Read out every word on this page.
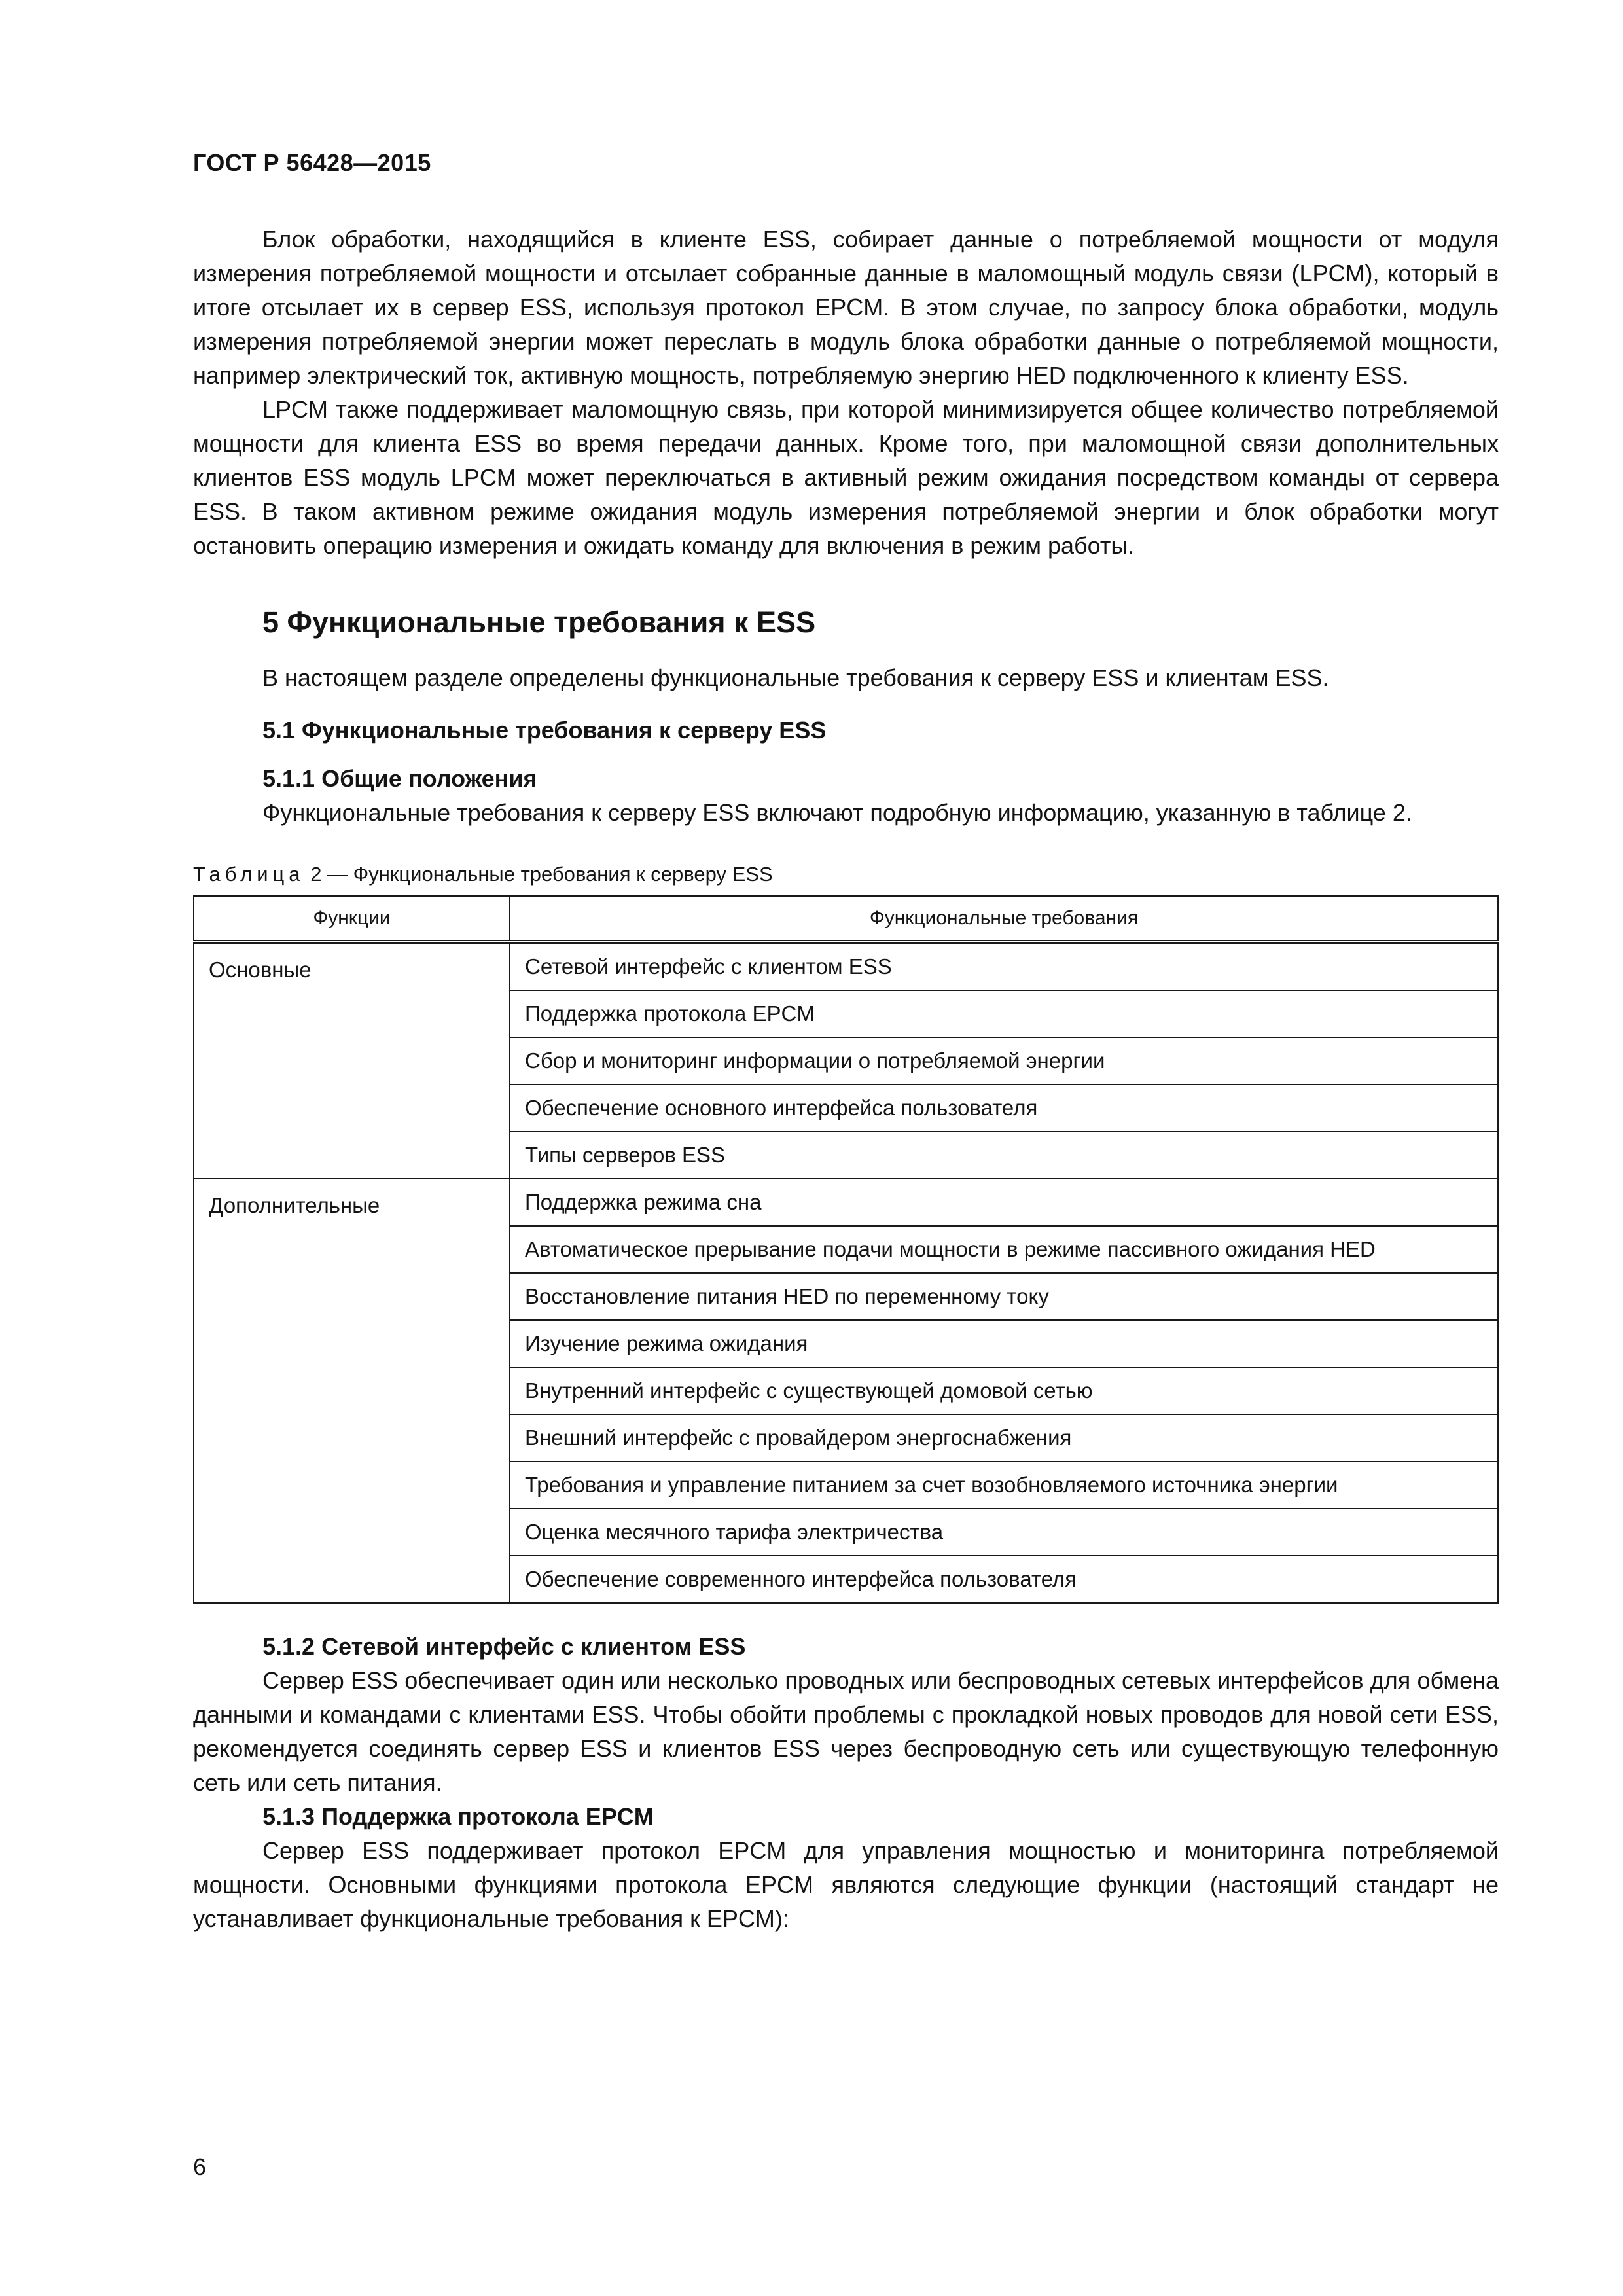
ГОСТ Р 56428—2015

Блок обработки, находящийся в клиенте ESS, собирает данные о потребляемой мощности от модуля измерения потребляемой мощности и отсылает собранные данные в маломощный модуль связи (LPCM), который в итоге отсылает их в сервер ESS, используя протокол EPCM. В этом случае, по запросу блока обработки, модуль измерения потребляемой энергии может переслать в модуль блока обработки данные о потребляемой мощности, например электрический ток, активную мощность, потребляемую энергию HED подключенного к клиенту ESS.

LPCM также поддерживает маломощную связь, при которой минимизируется общее количество потребляемой мощности для клиента ESS во время передачи данных. Кроме того, при маломощной связи дополнительных клиентов ESS модуль LPCM может переключаться в активный режим ожидания посредством команды от сервера ESS. В таком активном режиме ожидания модуль измерения потребляемой энергии и блок обработки могут остановить операцию измерения и ожидать команду для включения в режим работы.

5 Функциональные требования к ESS

В настоящем разделе определены функциональные требования к серверу ESS и клиентам ESS.

5.1 Функциональные требования к серверу ESS
5.1.1 Общие положения

Функциональные требования к серверу ESS включают подробную информацию, указанную в таблице 2.

Таблица 2 — Функциональные требования к серверу ESS
Функции	Функциональные требования
Основные	Сетевой интерфейс с клиентом ESS
	Поддержка протокола EPCM
	Сбор и мониторинг информации о потребляемой энергии
	Обеспечение основного интерфейса пользователя
	Типы серверов ESS
Дополнительные	Поддержка режима сна
	Автоматическое прерывание подачи мощности в режиме пассивного ожидания HED
	Восстановление питания HED по переменному току
	Изучение режима ожидания
	Внутренний интерфейс с существующей домовой сетью
	Внешний интерфейс с провайдером энергоснабжения
	Требования и управление питанием за счет возобновляемого источника энергии
	Оценка месячного тарифа электричества
	Обеспечение современного интерфейса пользователя
5.1.2 Сетевой интерфейс с клиентом ESS

Сервер ESS обеспечивает один или несколько проводных или беспроводных сетевых интерфейсов для обмена данными и командами с клиентами ESS. Чтобы обойти проблемы с прокладкой новых проводов для новой сети ESS, рекомендуется соединять сервер ESS и клиентов ESS через беспроводную сеть или существующую телефонную сеть или сеть питания.

5.1.3 Поддержка протокола EPCM

Сервер ESS поддерживает протокол EPCM для управления мощностью и мониторинга потребляемой мощности. Основными функциями протокола EPCM являются следующие функции (настоящий стандарт не устанавливает функциональные требования к EPCM):

6
